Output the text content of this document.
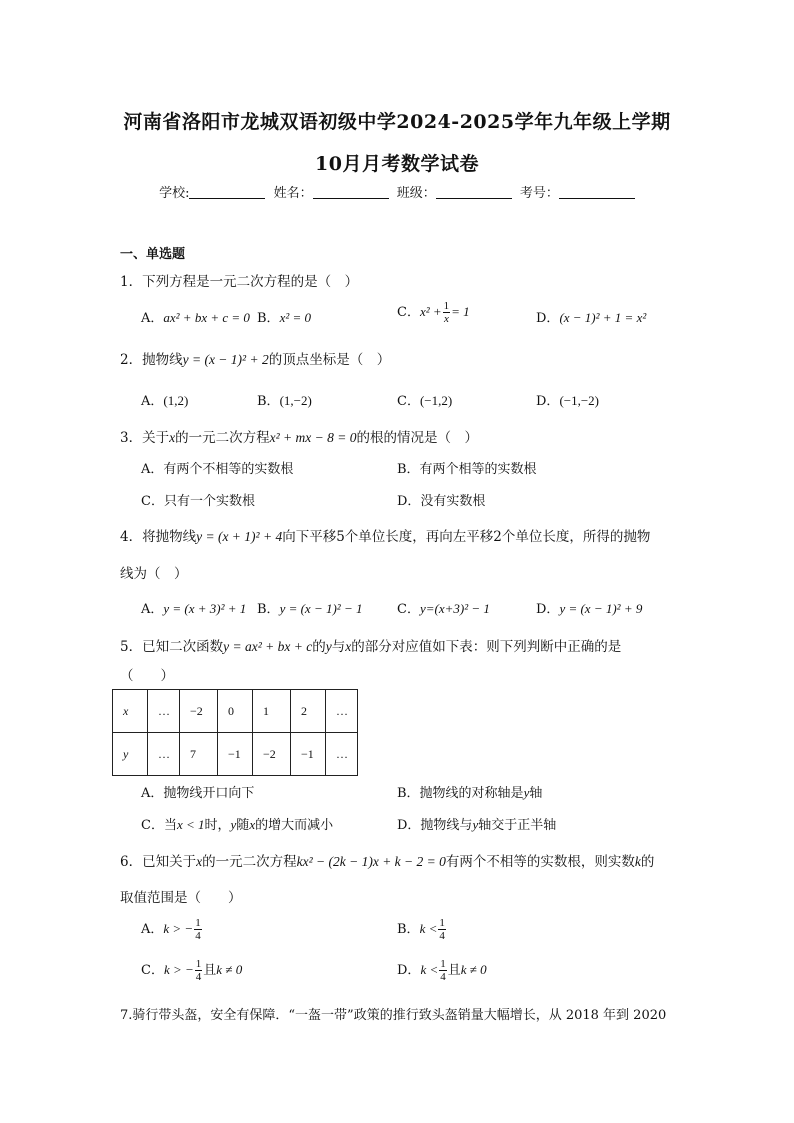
河南省洛阳市龙城双语初级中学2024-2025学年九年级上学期
10月月考数学试卷
学校:	姓名：	班级：	考号：
一、单选题
1．下列方程是一元二次方程的是（　）
A．ax² + bx + c = 0 B．x² = 0	C．$x^2 + \frac{1}{x} = 1$	D．(x − 1)² + 1 = x²
2．抛物线y = (x − 1)² + 2的顶点坐标是（　）
A．(1,2)	B．(1,−2)	C．(−1,2)	D．(−1,−2)
3．关于x的一元二次方程x² + mx − 8 = 0的根的情况是（　）
A．有两个不相等的实数根	B．有两个相等的实数根
C．只有一个实数根	D．没有实数根
4．将抛物线y = (x + 1)² + 4向下平移5个单位长度，再向左平移2个单位长度，所得的抛物
线为（　）
A．y = (x + 3)² + 1 B．y = (x − 1)² − 1	C．y=(x+3)² − 1	D．y = (x − 1)² + 9
5．已知二次函数y = ax² + bx + c的y与x的部分对应值如下表：则下列判断中正确的是
（　　）
x	…	−2	0	1	2	…
y	…	7	−1	−2	−1	…
A．抛物线开口向下	B．抛物线的对称轴是y轴
C．当x < 1时，y随x的增大而减小	D．抛物线与y轴交于正半轴
6．已知关于x的一元二次方程kx² − (2k − 1)x + k − 2 = 0有两个不相等的实数根，则实数k的
取值范围是（　　）
A．k > − $\frac{1}{4}$	B．$k < \frac{1}{4}$
C．k > − $\frac{1}{4}$ 且k ≠ 0	D．$k < \frac{1}{4}$ 且k ≠ 0
7.骑行带头盔，安全有保障．“一盔一带”政策的推行致头盔销量大幅增长，从 2018 年到 2020
